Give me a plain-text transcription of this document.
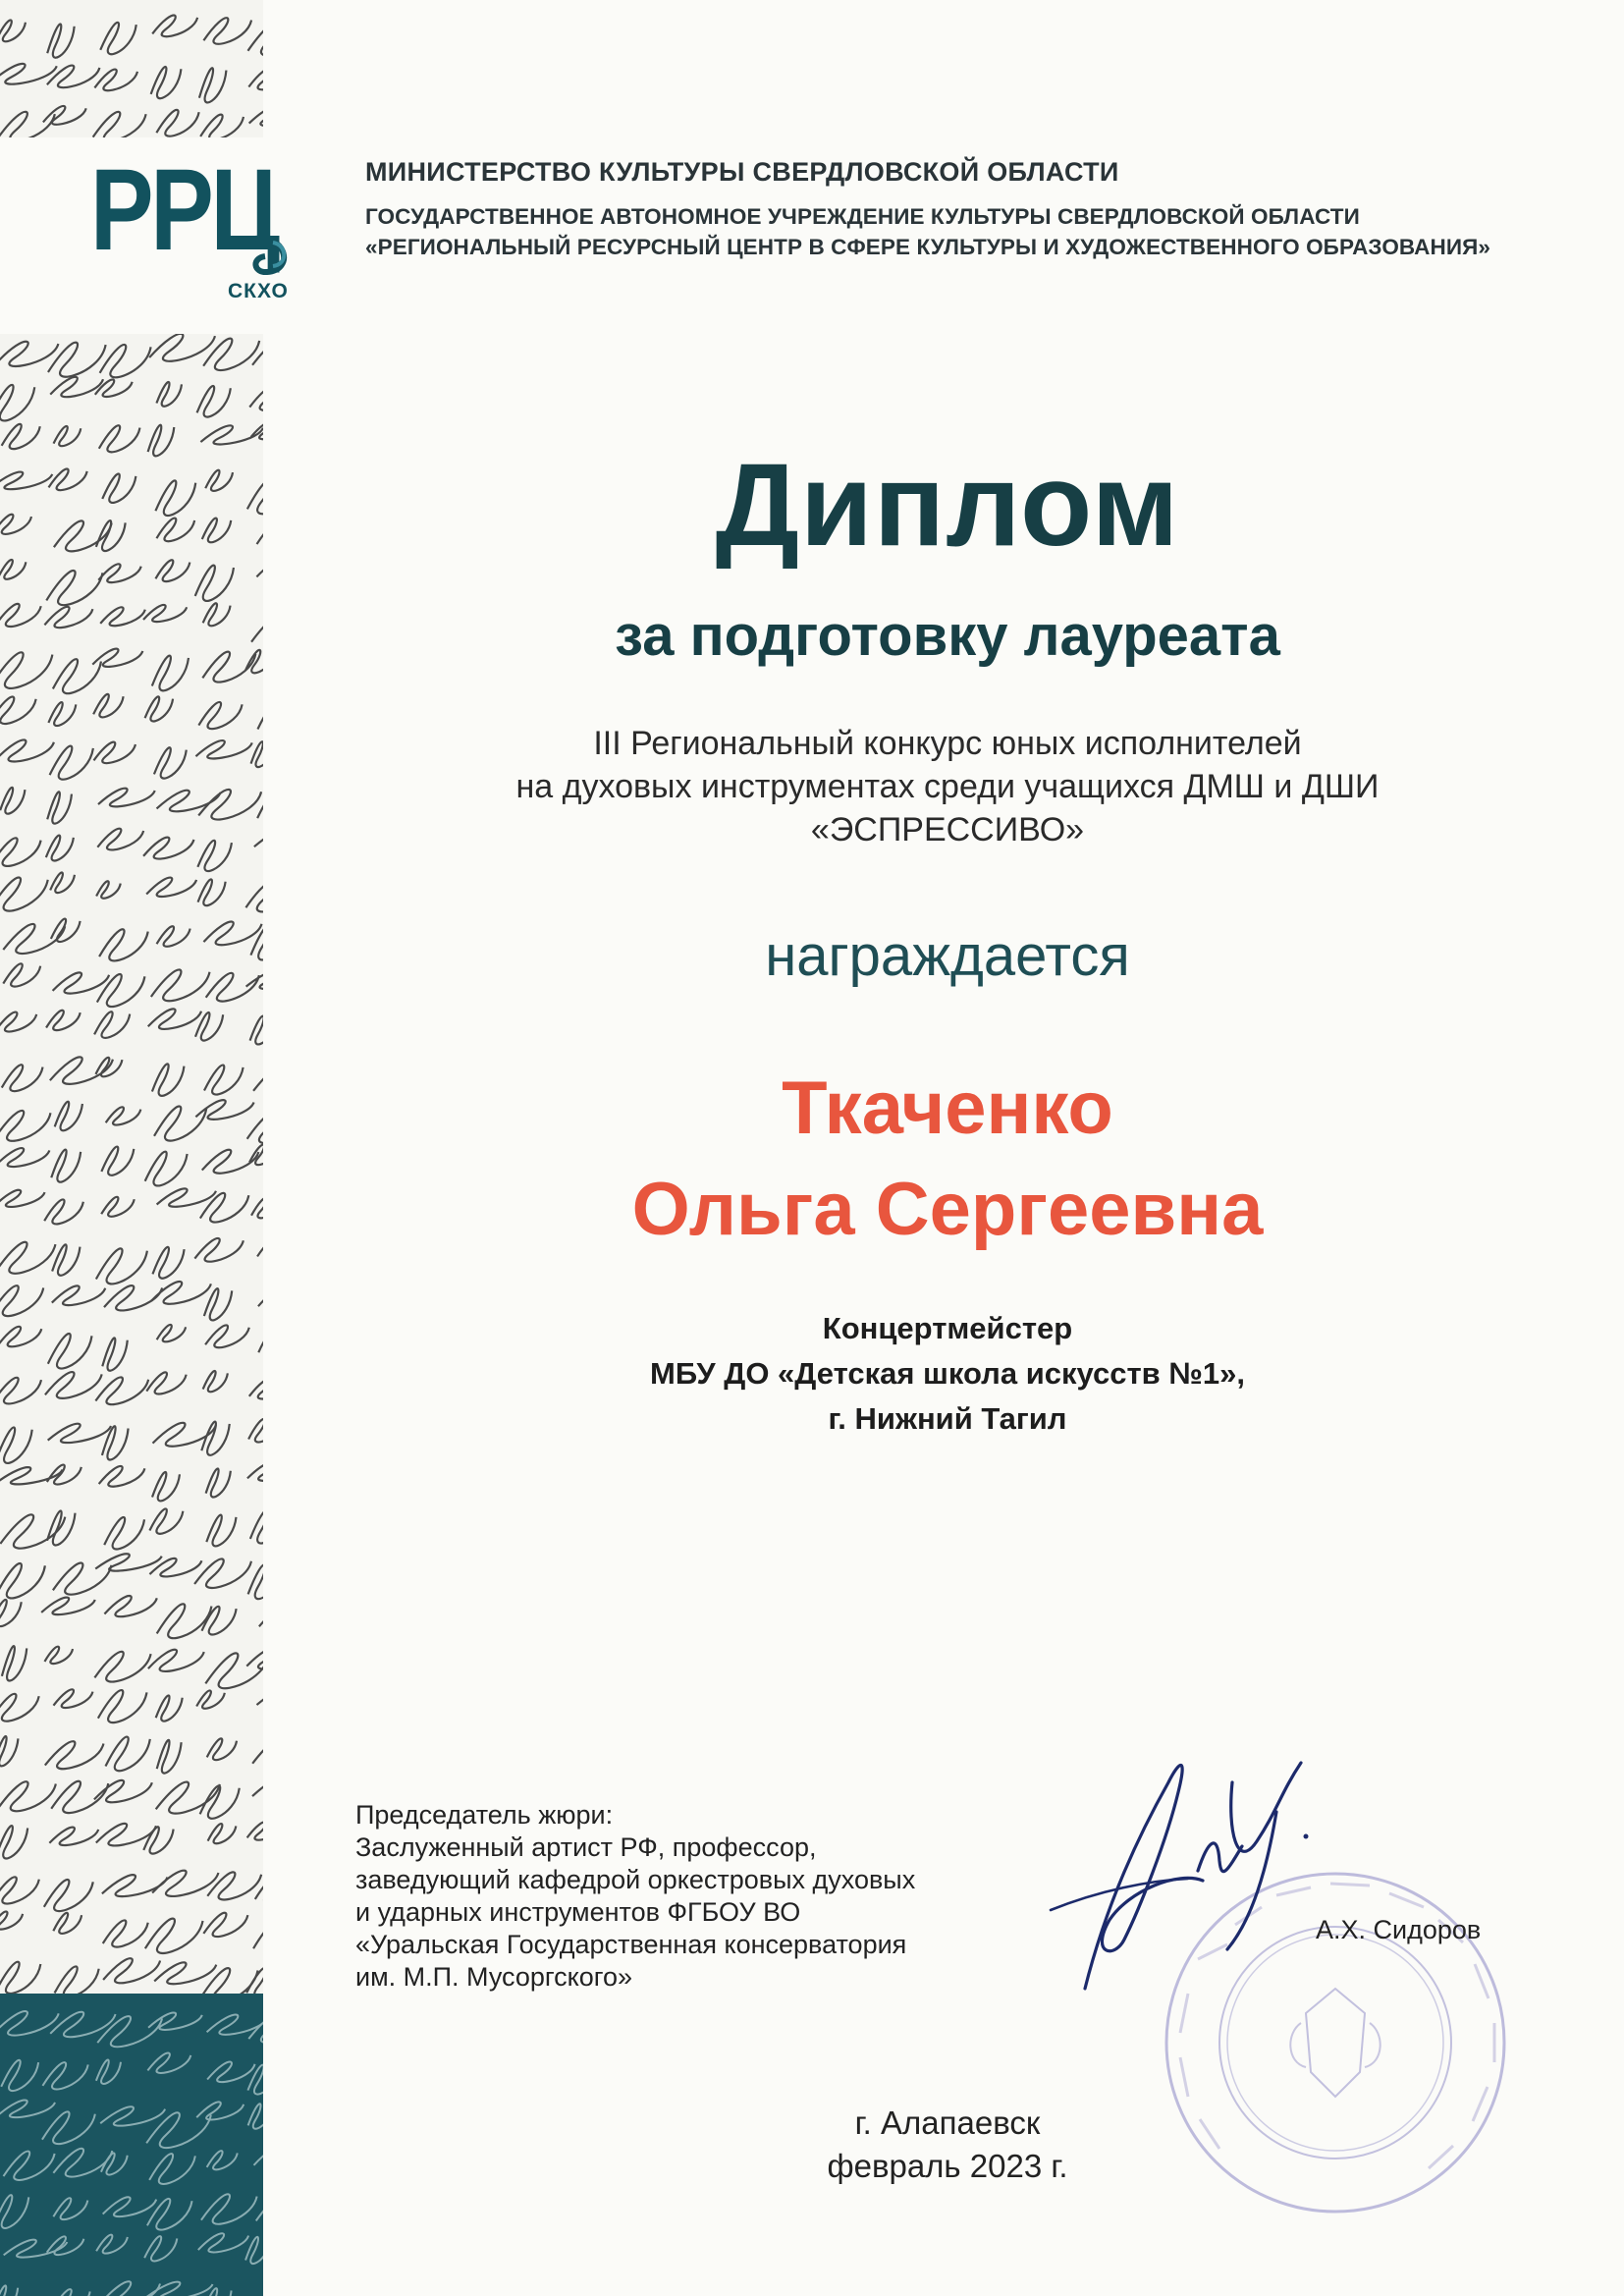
РРЦ
СКХО
МИНИСТЕРСТВО КУЛЬТУРЫ СВЕРДЛОВСКОЙ ОБЛАСТИ
ГОСУДАРСТВЕННОЕ АВТОНОМНОЕ УЧРЕЖДЕНИЕ КУЛЬТУРЫ СВЕРДЛОВСКОЙ ОБЛАСТИ
«РЕГИОНАЛЬНЫЙ РЕСУРСНЫЙ ЦЕНТР В СФЕРЕ КУЛЬТУРЫ И ХУДОЖЕСТВЕННОГО ОБРАЗОВАНИЯ»
Диплом
за подготовку лауреата
III Региональный конкурс юных исполнителей
на духовых инструментах среди учащихся ДМШ и ДШИ
«ЭСПРЕССИВО»
награждается
Ткаченко
Ольга Сергеевна
Концертмейстер
МБУ ДО «Детская школа искусств №1»,
г. Нижний Тагил
Председатель жюри:
Заслуженный артист РФ, профессор,
заведующий кафедрой оркестровых духовых
и ударных инструментов ФГБОУ ВО
«Уральская Государственная консерватория
им. М.П. Мусоргского»
А.Х. Сидоров
г. Алапаевск
февраль 2023 г.
